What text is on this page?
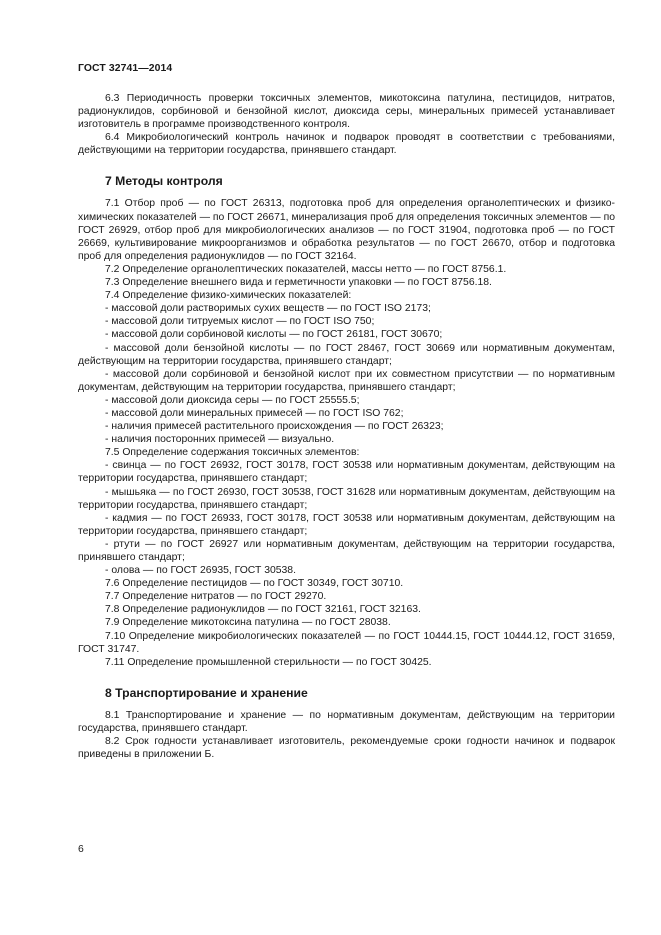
ГОСТ 32741—2014

6.3 Периодичность проверки токсичных элементов, микотоксина патулина, пестицидов, нитратов, радионуклидов, сорбиновой и бензойной кислот, диоксида серы, минеральных примесей устанавливает изготовитель в программе производственного контроля.

6.4 Микробиологический контроль начинок и подварок проводят в соответствии с требованиями, действующими на территории государства, принявшего стандарт.

7 Методы контроля

7.1 Отбор проб — по ГОСТ 26313, подготовка проб для определения органолептических и физико-химических показателей — по ГОСТ 26671, минерализация проб для определения токсичных элементов — по ГОСТ 26929, отбор проб для микробиологических анализов — по ГОСТ 31904, подготовка проб — по ГОСТ 26669, культивирование микроорганизмов и обработка результатов — по ГОСТ 26670, отбор и подготовка проб для определения радионуклидов — по ГОСТ 32164.

7.2 Определение органолептических показателей, массы нетто — по ГОСТ 8756.1.

7.3 Определение внешнего вида и герметичности упаковки — по ГОСТ 8756.18.

7.4 Определение физико-химических показателей:

- массовой доли растворимых сухих веществ — по ГОСТ ISO 2173;

- массовой доли титруемых кислот — по ГОСТ ISO 750;

- массовой доли сорбиновой кислоты — по ГОСТ 26181, ГОСТ 30670;

- массовой доли бензойной кислоты — по ГОСТ 28467, ГОСТ 30669 или нормативным документам, действующим на территории государства, принявшего стандарт;

- массовой доли сорбиновой и бензойной кислот при их совместном присутствии — по нормативным документам, действующим на территории государства, принявшего стандарт;

- массовой доли диоксида серы — по ГОСТ 25555.5;

- массовой доли минеральных примесей — по ГОСТ ISO 762;

- наличия примесей растительного происхождения — по ГОСТ 26323;

- наличия посторонних примесей — визуально.

7.5 Определение содержания токсичных элементов:

- свинца — по ГОСТ 26932, ГОСТ 30178, ГОСТ 30538 или нормативным документам, действующим на территории государства, принявшего стандарт;

- мышьяка — по ГОСТ 26930, ГОСТ 30538, ГОСТ 31628 или нормативным документам, действующим на территории государства, принявшего стандарт;

- кадмия — по ГОСТ 26933, ГОСТ 30178, ГОСТ 30538 или нормативным документам, действующим на территории государства, принявшего стандарт;

- ртути — по ГОСТ 26927 или нормативным документам, действующим на территории государства, принявшего стандарт;

- олова — по ГОСТ 26935, ГОСТ 30538.

7.6 Определение пестицидов — по ГОСТ 30349, ГОСТ 30710.

7.7 Определение нитратов — по ГОСТ 29270.

7.8 Определение радионуклидов — по ГОСТ 32161, ГОСТ 32163.

7.9 Определение микотоксина патулина — по ГОСТ 28038.

7.10 Определение микробиологических показателей — по ГОСТ 10444.15, ГОСТ 10444.12, ГОСТ 31659, ГОСТ 31747.

7.11 Определение промышленной стерильности — по ГОСТ 30425.

8 Транспортирование и хранение

8.1 Транспортирование и хранение — по нормативным документам, действующим на территории государства, принявшего стандарт.

8.2 Срок годности устанавливает изготовитель, рекомендуемые сроки годности начинок и подварок приведены в приложении Б.

6
